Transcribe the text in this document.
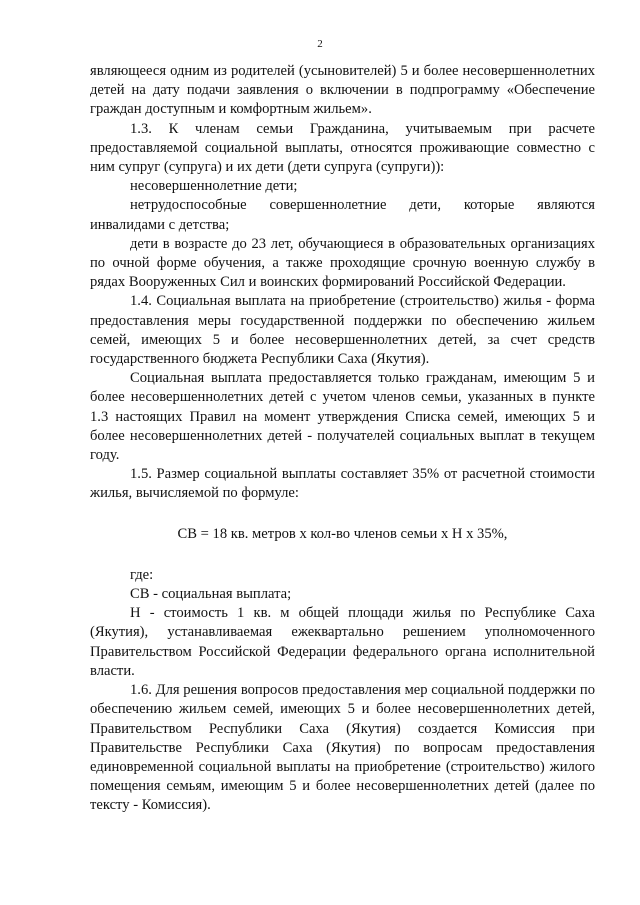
2

являющееся одним из родителей (усыновителей) 5 и более несовершеннолетних детей на дату подачи заявления о включении в подпрограмму «Обеспечение граждан доступным и комфортным жильем».

1.3. К членам семьи Гражданина, учитываемым при расчете предоставляемой социальной выплаты, относятся проживающие совместно с ним супруг (супруга) и их дети (дети супруга (супруги)):

несовершеннолетние дети;

нетрудоспособные совершеннолетние дети, которые являются инвалидами с детства;

дети в возрасте до 23 лет, обучающиеся в образовательных организациях по очной форме обучения, а также проходящие срочную военную службу в рядах Вооруженных Сил и воинских формирований Российской Федерации.

1.4. Социальная выплата на приобретение (строительство) жилья - форма предоставления меры государственной поддержки по обеспечению жильем семей, имеющих 5 и более несовершеннолетних детей, за счет средств государственного бюджета Республики Саха (Якутия).

Социальная выплата предоставляется только гражданам, имеющим 5 и более несовершеннолетних детей с учетом членов семьи, указанных в пункте 1.3 настоящих Правил на момент утверждения Списка семей, имеющих 5 и более несовершеннолетних детей - получателей социальных выплат в текущем году.

1.5. Размер социальной выплаты составляет 35% от расчетной стоимости жилья, вычисляемой по формуле:

СВ = 18 кв. метров х кол-во членов семьи х Н х 35%,

где:

СВ - социальная выплата;

Н - стоимость 1 кв. м общей площади жилья по Республике Саха (Якутия), устанавливаемая ежеквартально решением уполномоченного Правительством Российской Федерации федерального органа исполнительной власти.

1.6. Для решения вопросов предоставления мер социальной поддержки по обеспечению жильем семей, имеющих 5 и более несовершеннолетних детей, Правительством Республики Саха (Якутия) создается Комиссия при Правительстве Республики Саха (Якутия) по вопросам предоставления единовременной социальной выплаты на приобретение (строительство) жилого помещения семьям, имеющим 5 и более несовершеннолетних детей (далее по тексту - Комиссия).
